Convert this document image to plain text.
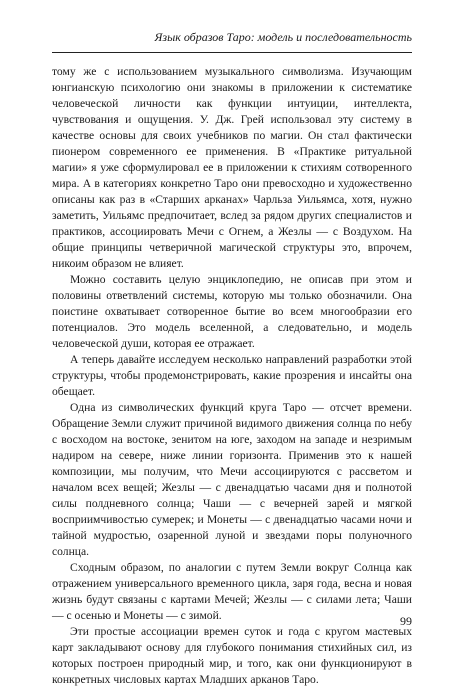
Язык образов Таро: модель и последовательность

тому же с использованием музыкального символизма. Изучающим юнгианскую психологию они знакомы в приложении к систематике человеческой личности как функции интуиции, интеллекта, чувствования и ощущения. У. Дж. Грей использовал эту систему в качестве основы для своих учебников по магии. Он стал фактически пионером современного ее применения. В «Практике ритуальной магии» я уже сформулировал ее в приложении к стихиям сотворенного мира. А в категориях конкретно Таро они превосходно и художественно описаны как раз в «Старших арканах» Чарльза Уильямса, хотя, нужно заметить, Уильямс предпочитает, вслед за рядом других специалистов и практиков, ассоциировать Мечи с Огнем, а Жезлы — с Воздухом. На общие принципы четверичной магической структуры это, впрочем, никоим образом не влияет.

Можно составить целую энциклопедию, не описав при этом и половины ответвлений системы, которую мы только обозначили. Она поистине охватывает сотворенное бытие во всем многообразии его потенциалов. Это модель вселенной, а следовательно, и модель человеческой души, которая ее отражает.

А теперь давайте исследуем несколько направлений разработки этой структуры, чтобы продемонстрировать, какие прозрения и инсайты она обещает.

Одна из символических функций круга Таро — отсчет времени. Обращение Земли служит причиной видимого движения солнца по небу с восходом на востоке, зенитом на юге, заходом на западе и незримым надиром на севере, ниже линии горизонта. Применив это к нашей композиции, мы получим, что Мечи ассоциируются с рассветом и началом всех вещей; Жезлы — с двенадцатью часами дня и полнотой силы полдневного солнца; Чаши — с вечерней зарей и мягкой восприимчивостью сумерек; и Монеты — с двенадцатью часами ночи и тайной мудростью, озаренной луной и звездами поры полуночного солнца.

Сходным образом, по аналогии с путем Земли вокруг Солнца как отражением универсального временного цикла, заря года, весна и новая жизнь будут связаны с картами Мечей; Жезлы — с силами лета; Чаши — с осенью и Монеты — с зимой.

Эти простые ассоциации времен суток и года с кругом мастевых карт закладывают основу для глубокого понимания стихийных сил, из которых построен природный мир, и того, как они функционируют в конкретных числовых картах Младших арканов Таро.

99
